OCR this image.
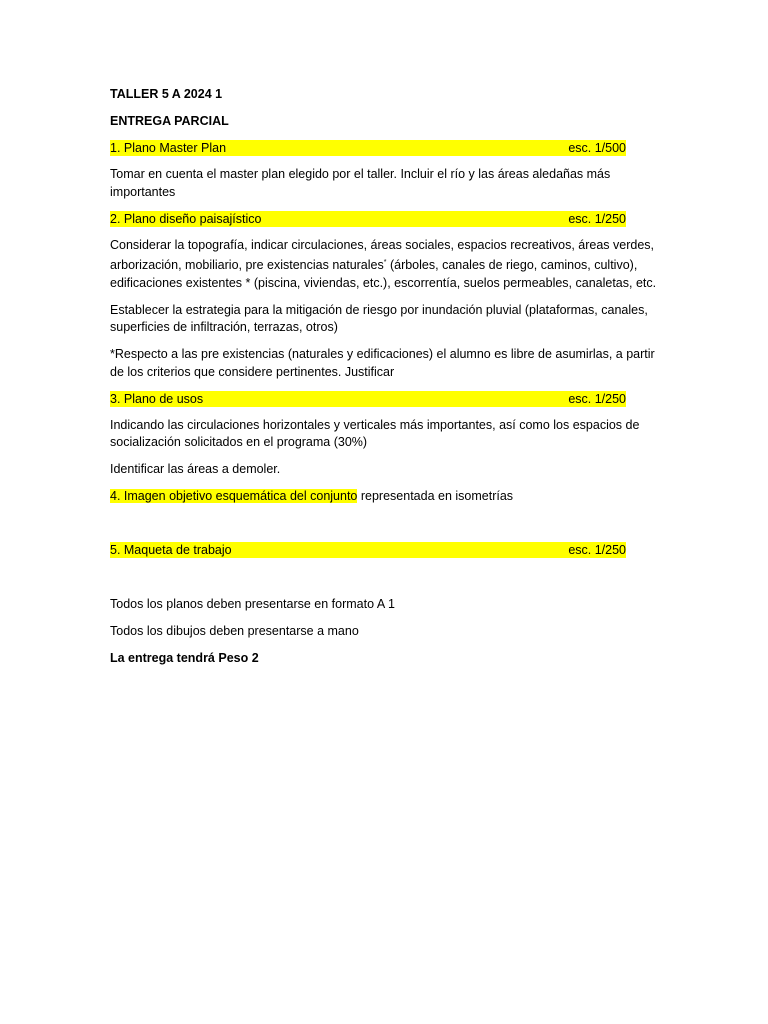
TALLER 5 A 2024 1
ENTREGA PARCIAL
1. Plano Master Plan	esc. 1/500
Tomar en cuenta el master plan elegido por el taller. Incluir el río y las áreas aledañas más importantes
2. Plano diseño paisajístico	esc. 1/250
Considerar la topografía, indicar circulaciones, áreas sociales, espacios recreativos, áreas verdes, arborización, mobiliario, pre existencias naturales* (árboles, canales de riego, caminos, cultivo), edificaciones existentes * (piscina, viviendas, etc.), escorrentía, suelos permeables, canaletas, etc.
Establecer la estrategia para la mitigación de riesgo por inundación pluvial (plataformas, canales, superficies de infiltración, terrazas, otros)
*Respecto a las pre existencias (naturales y edificaciones) el alumno es libre de asumirlas, a partir de los criterios que considere pertinentes. Justificar
3. Plano de usos	esc. 1/250
Indicando las circulaciones horizontales y verticales más importantes, así como los espacios de socialización solicitados en el programa (30%)
Identificar las áreas a demoler.
4. Imagen objetivo esquemática del conjunto representada en isometrías
5. Maqueta de trabajo	esc. 1/250
Todos los planos deben presentarse en formato A 1
Todos los dibujos deben presentarse a mano
La entrega tendrá Peso 2
